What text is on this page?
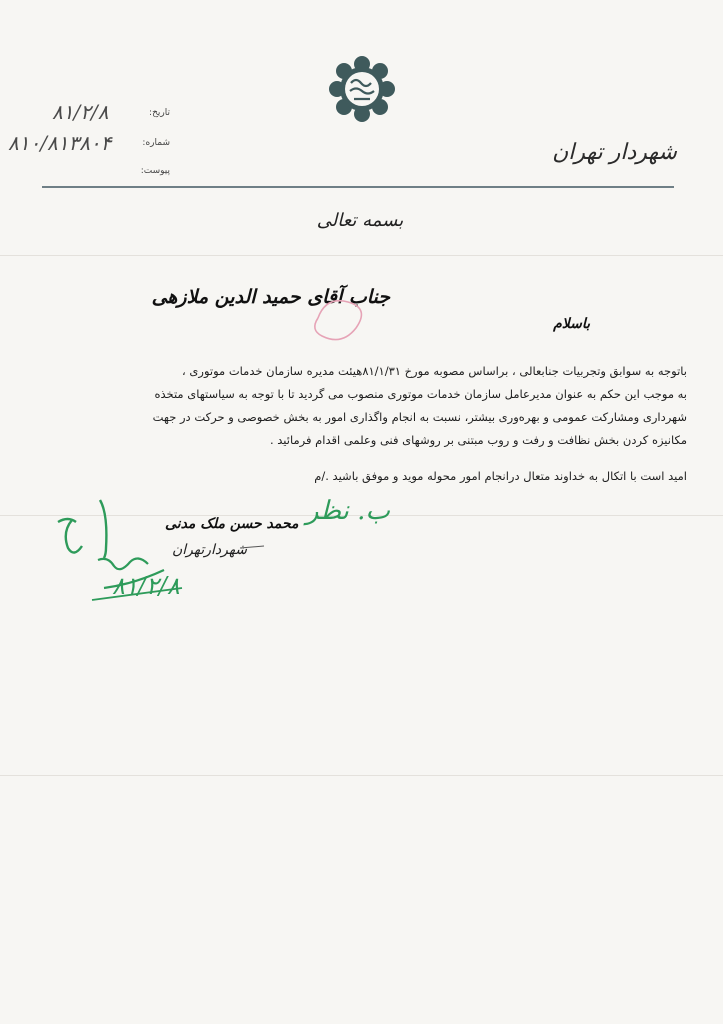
شهردار تهران
تاریخ:
شماره:
پیوست:
۸۱/۲/۸
۸۱۰/۸۱۳۸۰۴
بسمه تعالی
جناب آقای حمید الدین ملازهی
باسلام

باتوجه به سوابق وتجربیات جنابعالی ، براساس مصوبه مورخ ۸۱/۱/۳۱هیئت مدیره سازمان خدمات موتوری ،

به موجب این حکم به عنوان مدیرعامل سازمان خدمات موتوری منصوب می گردید تا با توجه به سیاستهای متخذه

شهرداری ومشارکت عمومی و بهره‌وری بیشتر، نسبت به انجام واگذاری امور به بخش خصوصی و حرکت در جهت

مکانیزه کردن بخش نظافت و رفت و روب مبتنی بر روشهای فنی وعلمی اقدام فرمائید .

امید است با اتکال به خداوند متعال درانجام امور محوله موید و موفق باشید ./م
محمد حسن ملک مدنی
شهردارتهران
ب. نظر
۸۱/۲/۸
